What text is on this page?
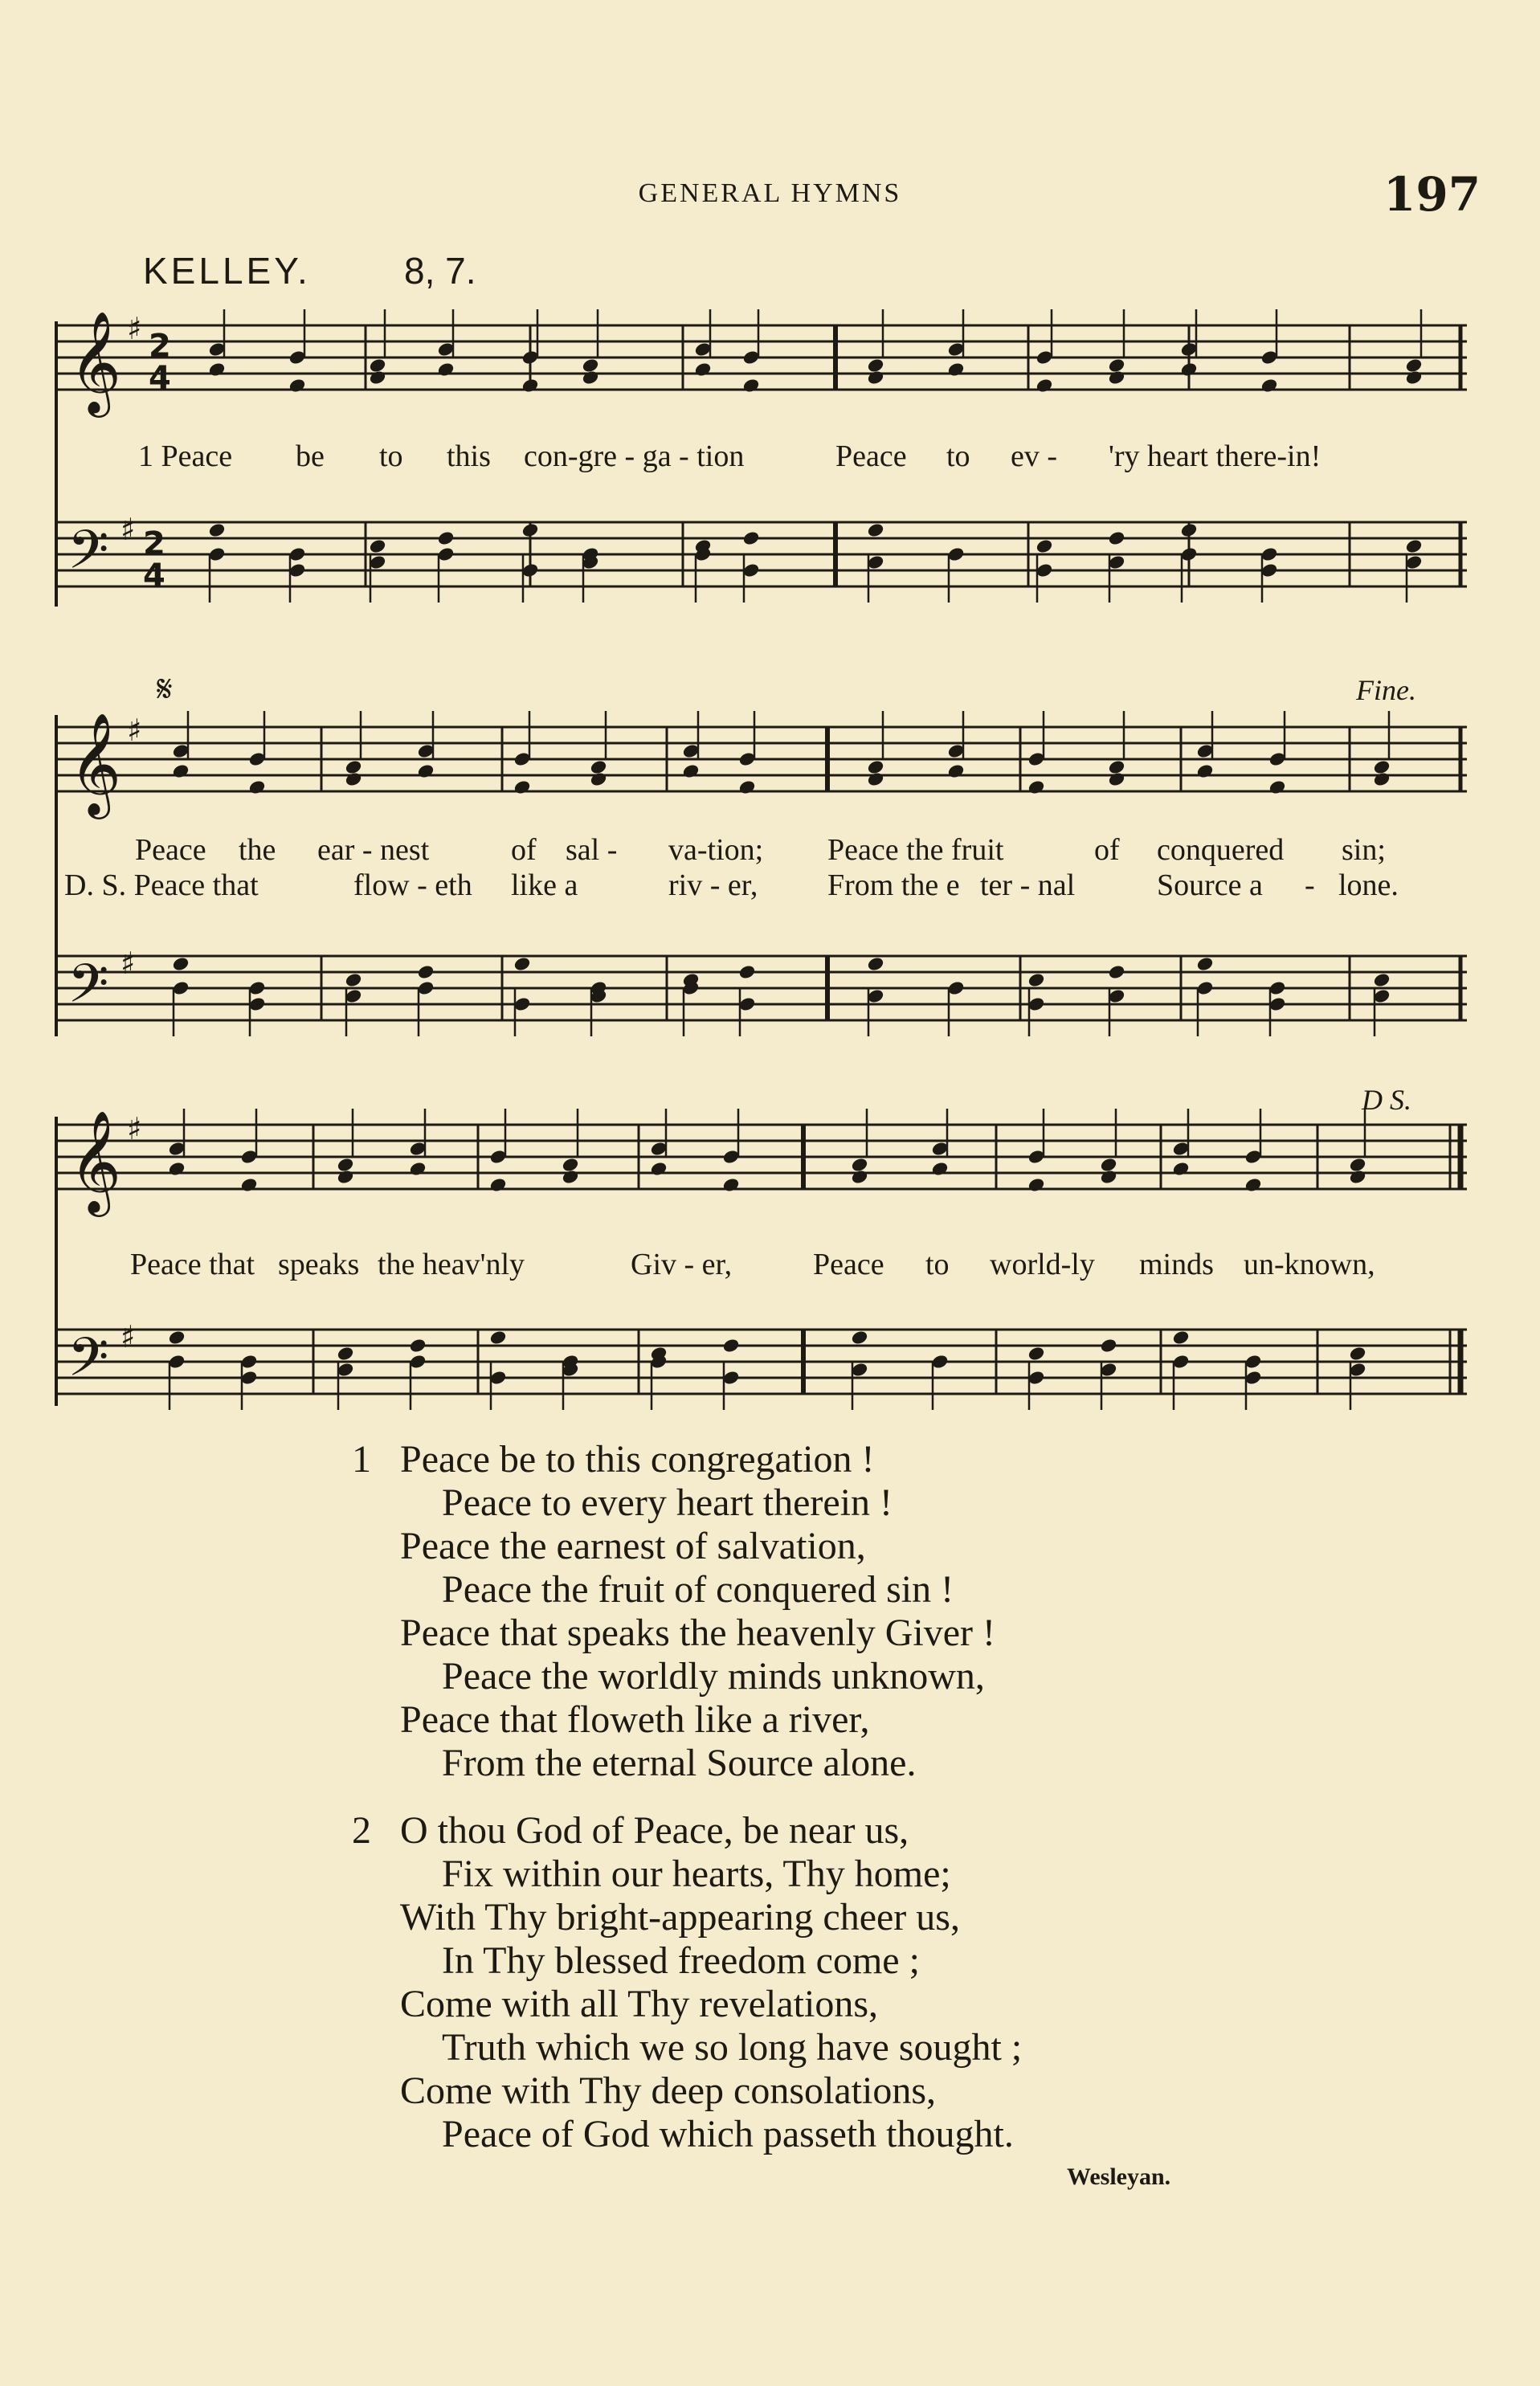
GENERAL HYMNS	197
KELLEY.	8, 7.
𝄞
𝄢
𝄞
𝄢
𝄞
𝄢
♯
♯
♯
♯
♯
♯
2
4
2
4
1 Peace be to this con-gre - ga - tion	Peace to ev - 'ry heart there-in!
𝄋	Fine.
Peace the ear - nest	of sal - va-tion; Peace the fruit	of conquered sin;
D. S. Peace that	flow - eth like a	riv - er, From the e ter - nal	Source a - lone.
D S.
Peace that speaks the heav'nly	Giv - er,	Peace to world-ly minds un-known,
1 Peace be to this congregation !
Peace to every heart therein !
Peace the earnest of salvation,
Peace the fruit of conquered sin !
Peace that speaks the heavenly Giver !
Peace the worldly minds unknown,
Peace that floweth like a river,
From the eternal Source alone.
2 O thou God of Peace, be near us,
Fix within our hearts, Thy home;
With Thy bright-appearing cheer us,
In Thy blessed freedom come ;
Come with all Thy revelations,
Truth which we so long have sought ;
Come with Thy deep consolations,
Peace of God which passeth thought.
Wesleyan.
